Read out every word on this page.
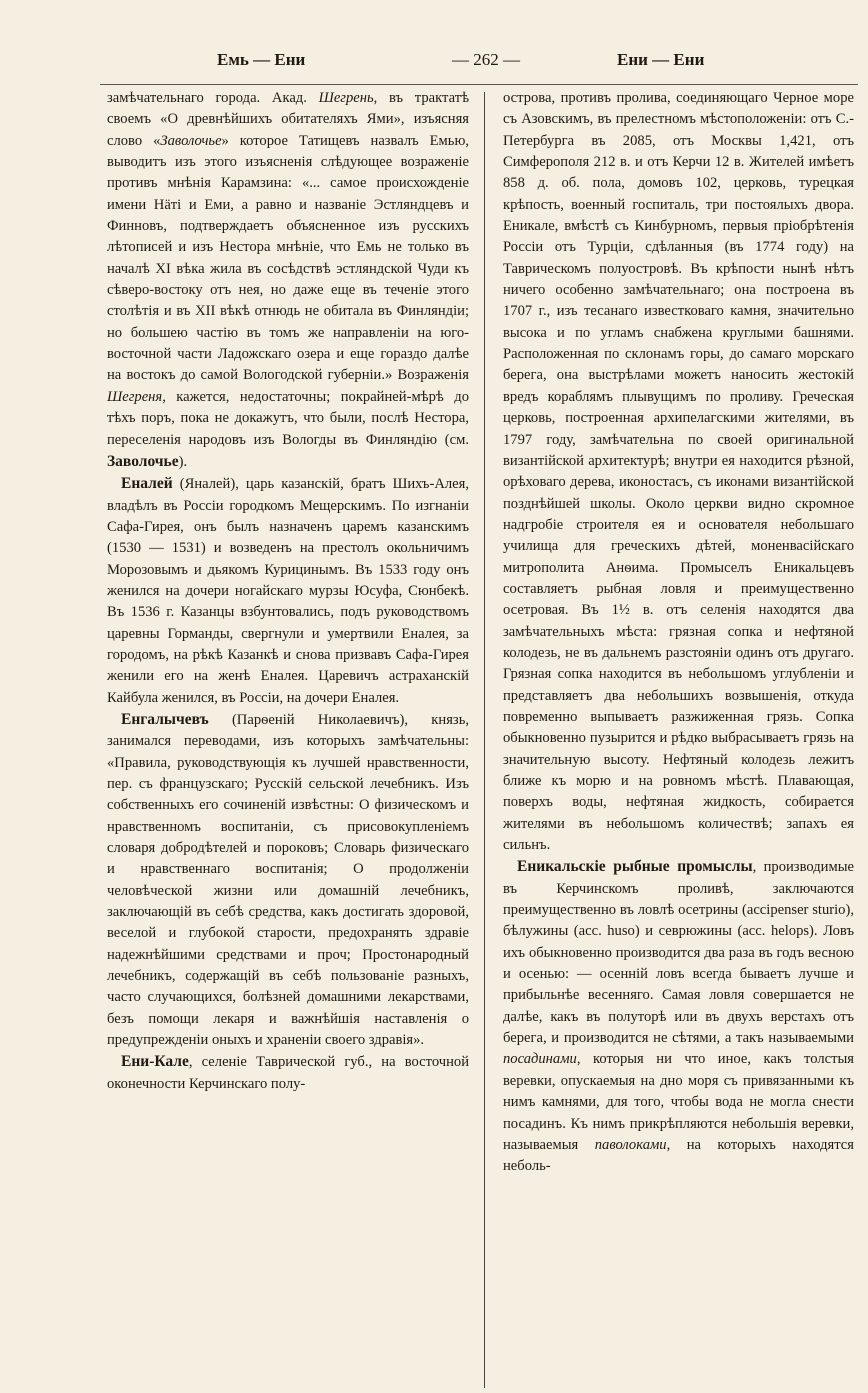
Емь — Ени	— 262 —	Ени — Ени

замѣчательнаго города. Акад. Шегрень, въ трактатѣ своемъ «О древнѣйшихъ обитателяхъ Ями», изъясняя слово «Заволочье» которое Татищевъ назвалъ Емью, выводитъ изъ этого изъясненія слѣдующее возраженіе противъ мнѣнія Карамзина: «... самое происхожденіе имени Нäті и Еми, а равно и названіе Эстляндцевъ и Финновъ, подтверждаетъ объясненное изъ русскихъ лѣтописей и изъ Нестора мнѣніе, что Емь не только въ началѣ XI вѣка жила въ сосѣдствѣ эстляндской Чуди къ сѣверо-востоку отъ нея, но даже еще въ теченіе этого столѣтія и въ XII вѣкѣ отнюдь не обитала въ Финляндіи; но большею частію въ томъ же направленіи на юго-восточной части Ладожскаго озера и еще гораздо далѣе на востокъ до самой Вологодской губерніи.» Возраженія Шегреня, кажется, недостаточны; покрайней-мѣрѣ до тѣхъ поръ, пока не докажутъ, что были, послѣ Нестора, переселенія народовъ изъ Вологды въ Финляндію (см. Заволочье).

Еналей (Яналей), царь казанскій, братъ Шихъ-Алея, владѣлъ въ Россіи городкомъ Мещерскимъ. По изгнаніи Сафа-Гирея, онъ былъ назначенъ царемъ казанскимъ (1530 — 1531) и возведенъ на престолъ окольничимъ Морозовымъ и дьякомъ Курицинымъ. Въ 1533 году онъ женился на дочери ногайскаго мурзы Юсуфа, Сюнбекѣ. Въ 1536 г. Казанцы взбунтовались, подъ руководствомъ царевны Горманды, свергнули и умертвили Еналея, за городомъ, на рѣкѣ Казанкѣ и снова призвавъ Сафа-Гирея женили его на женѣ Еналея. Царевичъ астраханскій Кайбула женился, въ Россіи, на дочери Еналея.

Енгалычевъ (Парѳеній Николаевичъ), князь, занимался переводами, изъ которыхъ замѣчательны: «Правила, руководствующія къ лучшей нравственности, пер. съ французскаго; Русскій сельской лечебникъ. Изъ собственныхъ его сочиненій извѣстны: О физическомъ и нравственномъ воспитаніи, съ присовокупленіемъ словаря добродѣтелей и пороковъ; Словарь физическаго и нравственнаго воспитанія; О продолженіи человѣческой жизни или домашній лечебникъ, заключающій въ себѣ средства, какъ достигать здоровой, веселой и глубокой старости, предохранять здравіе надежнѣйшими средствами и проч; Простонародный лечебникъ, содержащій въ себѣ пользованіе разныхъ, часто случающихся, болѣзней домашними лекарствами, безъ помощи лекаря и важнѣйшія наставленія о предупрежденіи оныхъ и храненіи своего здравія».

Ени-Кале, селеніе Таврической губ., на восточной оконечности Керчинскаго полу-

острова, противъ пролива, соединяющаго Черное море съ Азовскимъ, въ прелестномъ мѣстоположеніи: отъ С.-Петербурга въ 2085, отъ Москвы 1,421, отъ Симферополя 212 в. и отъ Керчи 12 в. Жителей имѣетъ 858 д. об. пола, домовъ 102, церковь, турецкая крѣпость, военный госпиталь, три постоялыхъ двора. Еникале, вмѣстѣ съ Кинбурномъ, первыя пріобрѣтенія Россіи отъ Турціи, сдѣланныя (въ 1774 году) на Таврическомъ полуостровѣ. Въ крѣпости нынѣ нѣтъ ничего особенно замѣчательнаго; она построена въ 1707 г., изъ тесанаго известковаго камня, значительно высока и по угламъ снабжена круглыми башнями. Расположенная по склонамъ горы, до самаго морскаго берега, она выстрѣлами можетъ наносить жестокій вредъ кораблямъ плывущимъ по проливу. Греческая церковь, построенная архипелагскими жителями, въ 1797 году, замѣчательна по своей оригинальной византійской архитектурѣ; внутри ея находится рѣзной, орѣховаго дерева, иконостасъ, съ иконами византійской позднѣйшей школы. Около церкви видно скромное надгробіе строителя ея и основателя небольшаго училища для греческихъ дѣтей, моненвасійскаго митрополита Анѳима. Промыселъ Еникальцевъ составляетъ рыбная ловля и преимущественно осетровая. Въ 1½ в. отъ селенія находятся два замѣчательныхъ мѣста: грязная сопка и нефтяной колодезь, не въ дальнемъ разстояніи одинъ отъ другаго. Грязная сопка находится въ небольшомъ углубленіи и представляетъ два небольшихъ возвышенія, откуда повременно выпываетъ разжиженная грязь. Сопка обыкновенно пузырится и рѣдко выбрасываетъ грязь на значительную высоту. Нефтяный колодезь лежитъ ближе къ морю и на ровномъ мѣстѣ. Плавающая, поверхъ воды, нефтяная жидкость, собирается жителями въ небольшомъ количествѣ; запахъ ея сильнъ.

Еникальскіе рыбные промыслы, производимые въ Керчинскомъ проливѣ, заключаются преимущественно въ ловлѣ осетрины (accipenser sturio), бѣлужины (acc. huso) и севрюжины (acc. helops). Ловъ ихъ обыкновенно производится два раза въ годъ весною и осенью: — осенній ловъ всегда бываетъ лучше и прибыльнѣе весенняго. Самая ловля совершается не далѣе, какъ въ полуторѣ или въ двухъ верстахъ отъ берега, и производится не сѣтями, а такъ называемыми посадинами, которыя ни что иное, какъ толстыя веревки, опускаемыя на дно моря съ привязанными къ нимъ камнями, для того, чтобы вода не могла снести посадинъ. Къ нимъ прикрѣпляются небольшія веревки, называемыя паволоками, на которыхъ находятся неболь-
